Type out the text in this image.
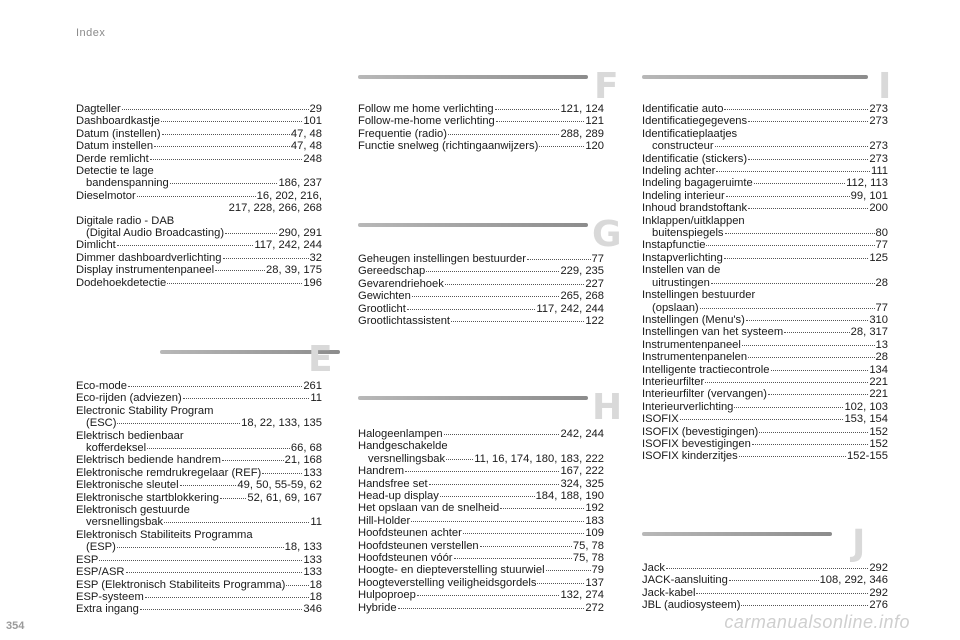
Index
Dagteller	29
Dashboardkastje	101
Datum (instellen)	47, 48
Datum instellen	47, 48
Derde remlicht	248
Detectie te lage
bandenspanning	186, 237
Dieselmotor	16, 202, 216,
217, 228, 266, 268
Digitale radio - DAB
(Digital Audio Broadcasting)	290, 291
Dimlicht	117, 242, 244
Dimmer dashboardverlichting	32
Display instrumentenpaneel	28, 39, 175
Dodehoekdetectie	196
E
Eco-mode	261
Eco-rijden (adviezen)	11
Electronic Stability Program
(ESC)	18, 22, 133, 135
Elektrisch bedienbaar
kofferdeksel	66, 68
Elektrisch bediende handrem	21, 168
Elektronische remdrukregelaar (REF)	133
Elektronische sleutel	49, 50, 55-59, 62
Elektronische startblokkering	52, 61, 69, 167
Elektronisch gestuurde
versnellingsbak	11
Elektronisch Stabiliteits Programma
(ESP)	18, 133
ESP	133
ESP/ASR	133
ESP (Elektronisch Stabiliteits Programma) 18
ESP-systeem	18
Extra ingang	346
F
Follow me home verlichting	121, 124
Follow-me-home verlichting	121
Frequentie (radio)	288, 289
Functie snelweg (richtingaanwijzers)	120
G
Geheugen instellingen bestuurder	77
Gereedschap	229, 235
Gevarendriehoek	227
Gewichten	265, 268
Grootlicht	117, 242, 244
Grootlichtassistent	122
H
Halogeenlampen	242, 244
Handgeschakelde
versnellingsbak	11, 16, 174, 180, 183, 222
Handrem	167, 222
Handsfree set	324, 325
Head-up display	184, 188, 190
Het opslaan van de snelheid	192
Hill-Holder	183
Hoofdsteunen achter	109
Hoofdsteunen verstellen	75, 78
Hoofdsteunen vóór	75, 78
Hoogte- en diepteverstelling stuurwiel	79
Hoogteverstelling veiligheidsgordels	137
Hulpoproep	132, 274
Hybride	272
I
Identificatie auto	273
Identificatiegegevens	273
Identificatieplaatjes
constructeur	273
Identificatie (stickers)	273
Indeling achter	111
Indeling bagageruimte	112, 113
Indeling interieur	99, 101
Inhoud brandstoftank	200
Inklappen/uitklappen
buitenspiegels	80
Instapfunctie	77
Instapverlichting	125
Instellen van de
uitrustingen	28
Instellingen bestuurder
(opslaan)	77
Instellingen (Menu's)	310
Instellingen van het systeem	28, 317
Instrumentenpaneel	13
Instrumentenpanelen	28
Intelligente tractiecontrole	134
Interieurfilter	221
Interieurfilter (vervangen)	221
Interieurverlichting	102, 103
ISOFIX	153, 154
ISOFIX (bevestigingen)	152
ISOFIX bevestigingen	152
ISOFIX kinderzitjes	152-155
J
Jack	292
JACK-aansluiting	108, 292, 346
Jack-kabel	292
JBL (audiosysteem)	276
354	carmanualsonline.info
